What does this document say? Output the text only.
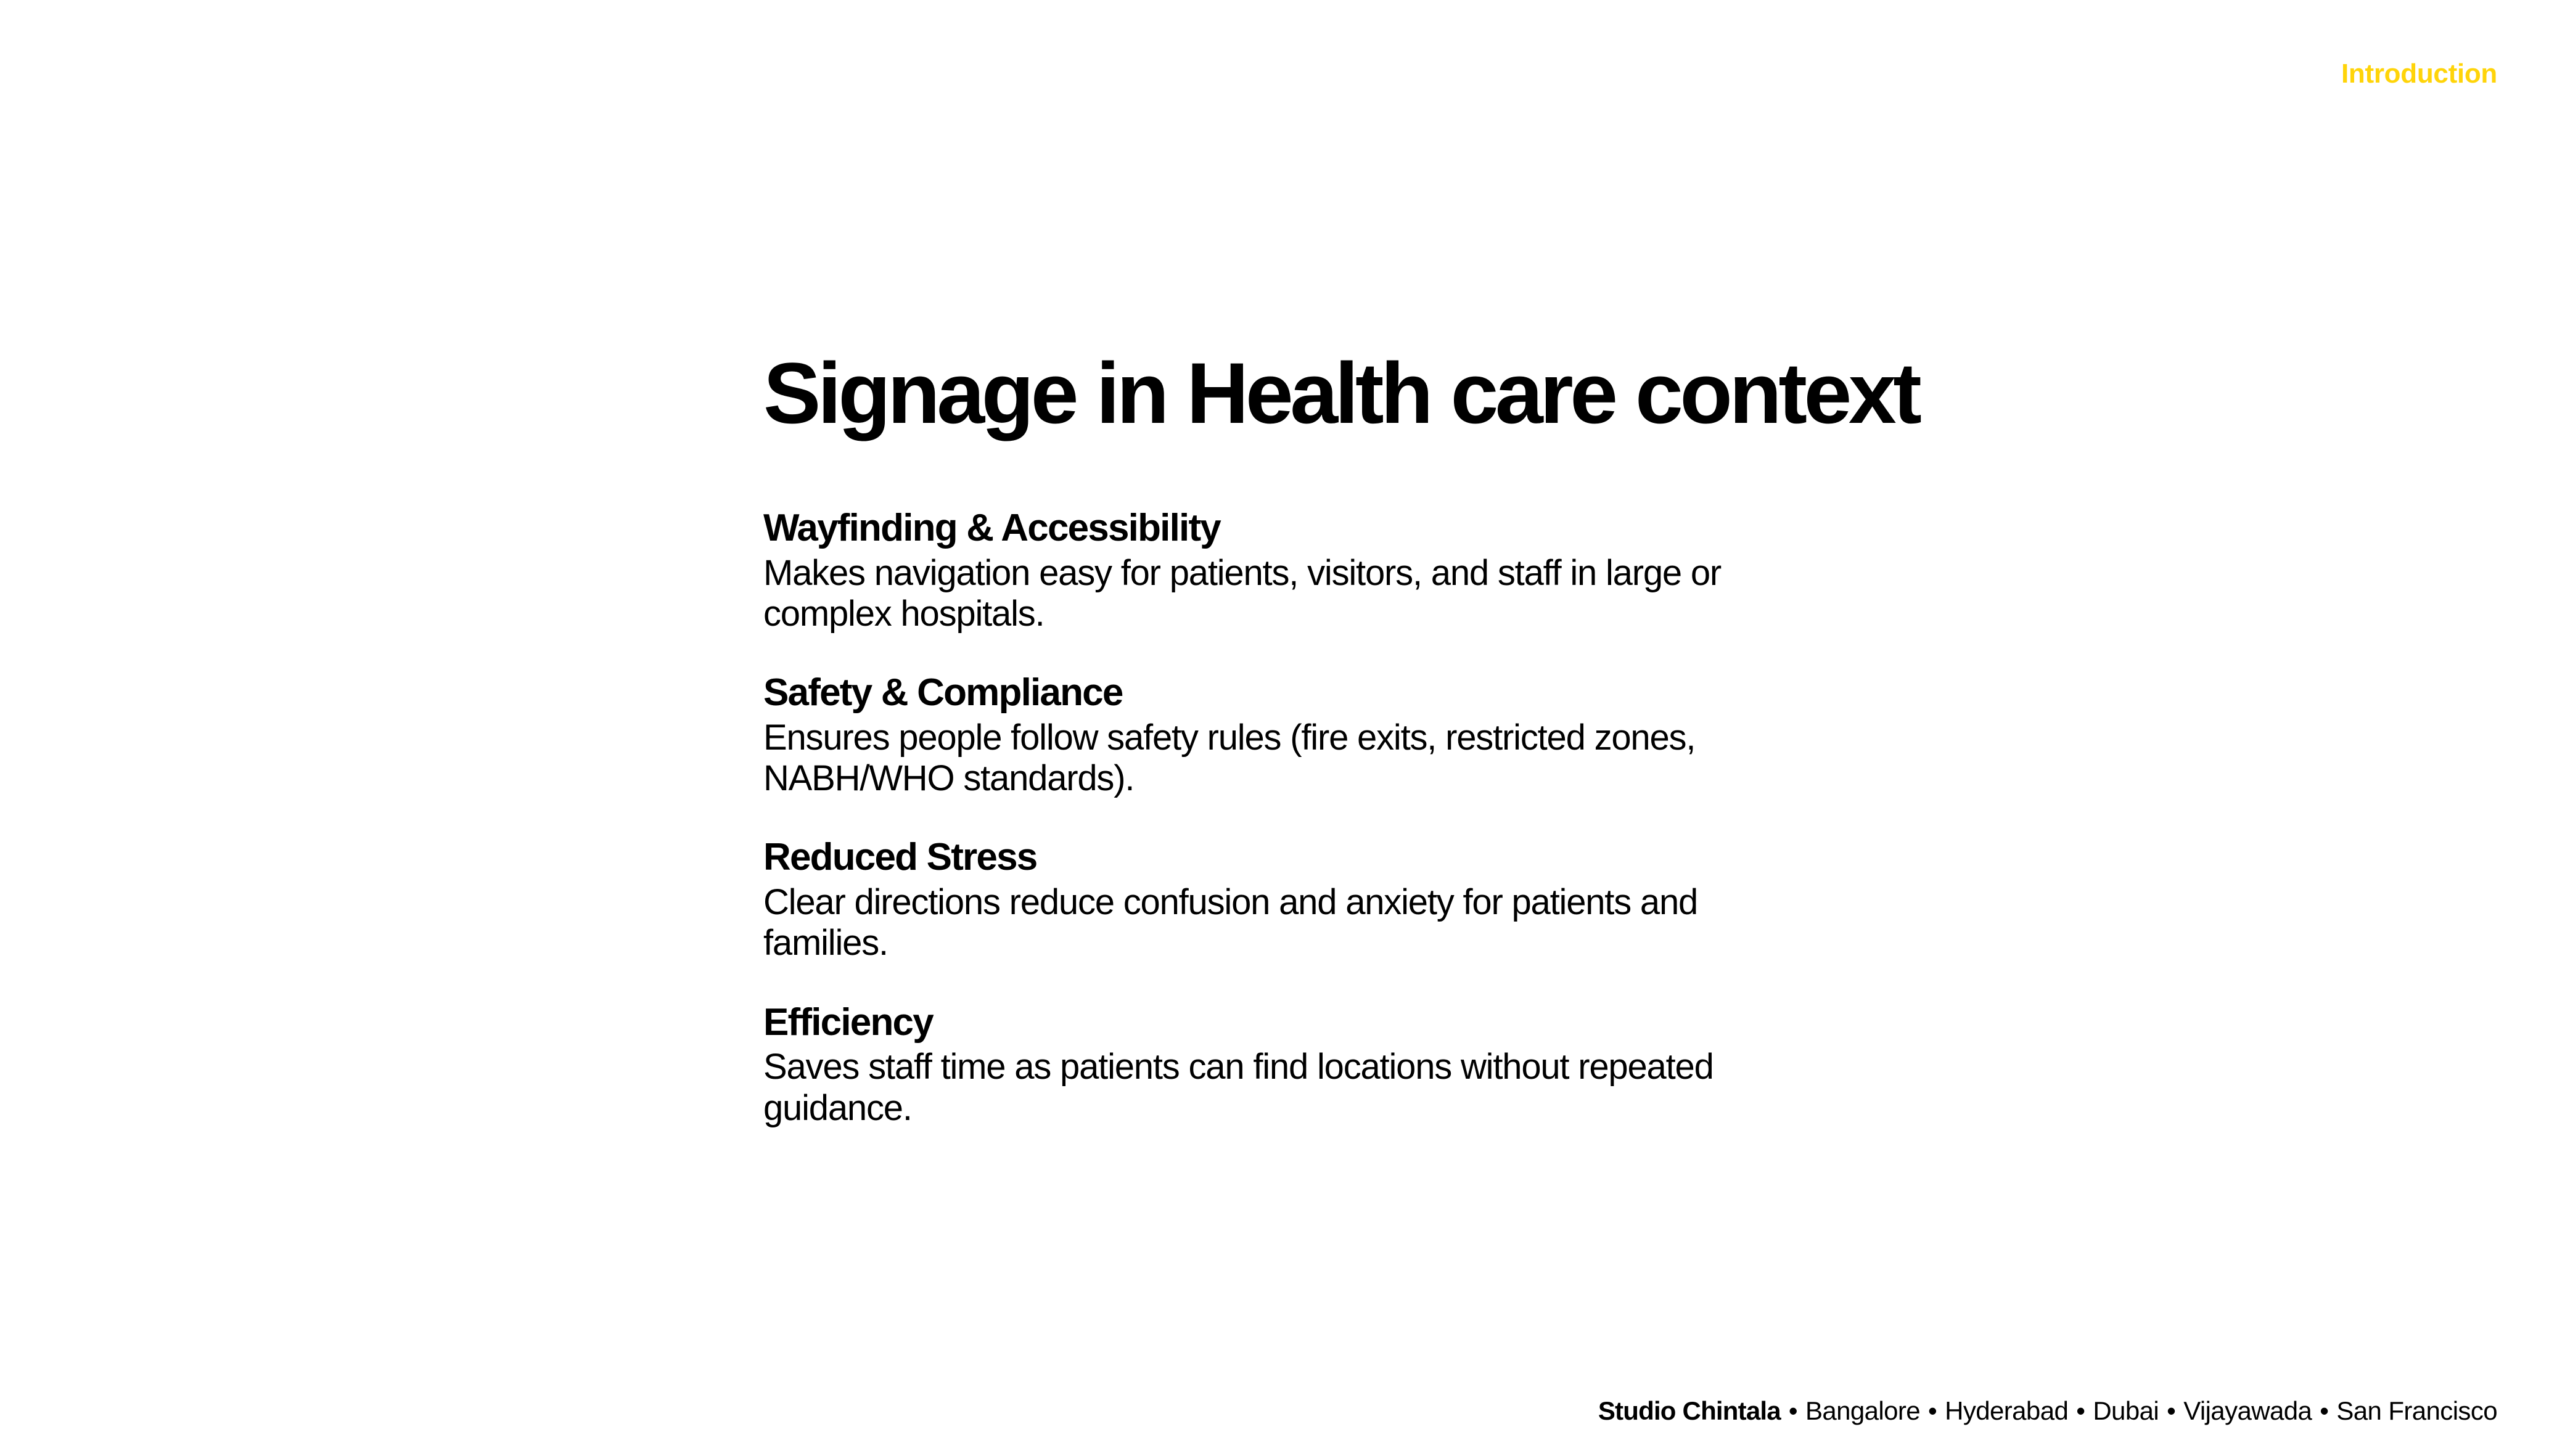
Introduction
Signage in Health care context
Wayfinding & Accessibility

Makes navigation easy for patients, visitors, and staff in large or complex hospitals.

Safety & Compliance

Ensures people follow safety rules (fire exits, restricted zones, NABH/WHO standards).

Reduced Stress

Clear directions reduce confusion and anxiety for patients and families.

Efficiency

Saves staff time as patients can find locations without repeated guidance.

Studio Chintala • Bangalore • Hyderabad • Dubai • Vijayawada • San Francisco
